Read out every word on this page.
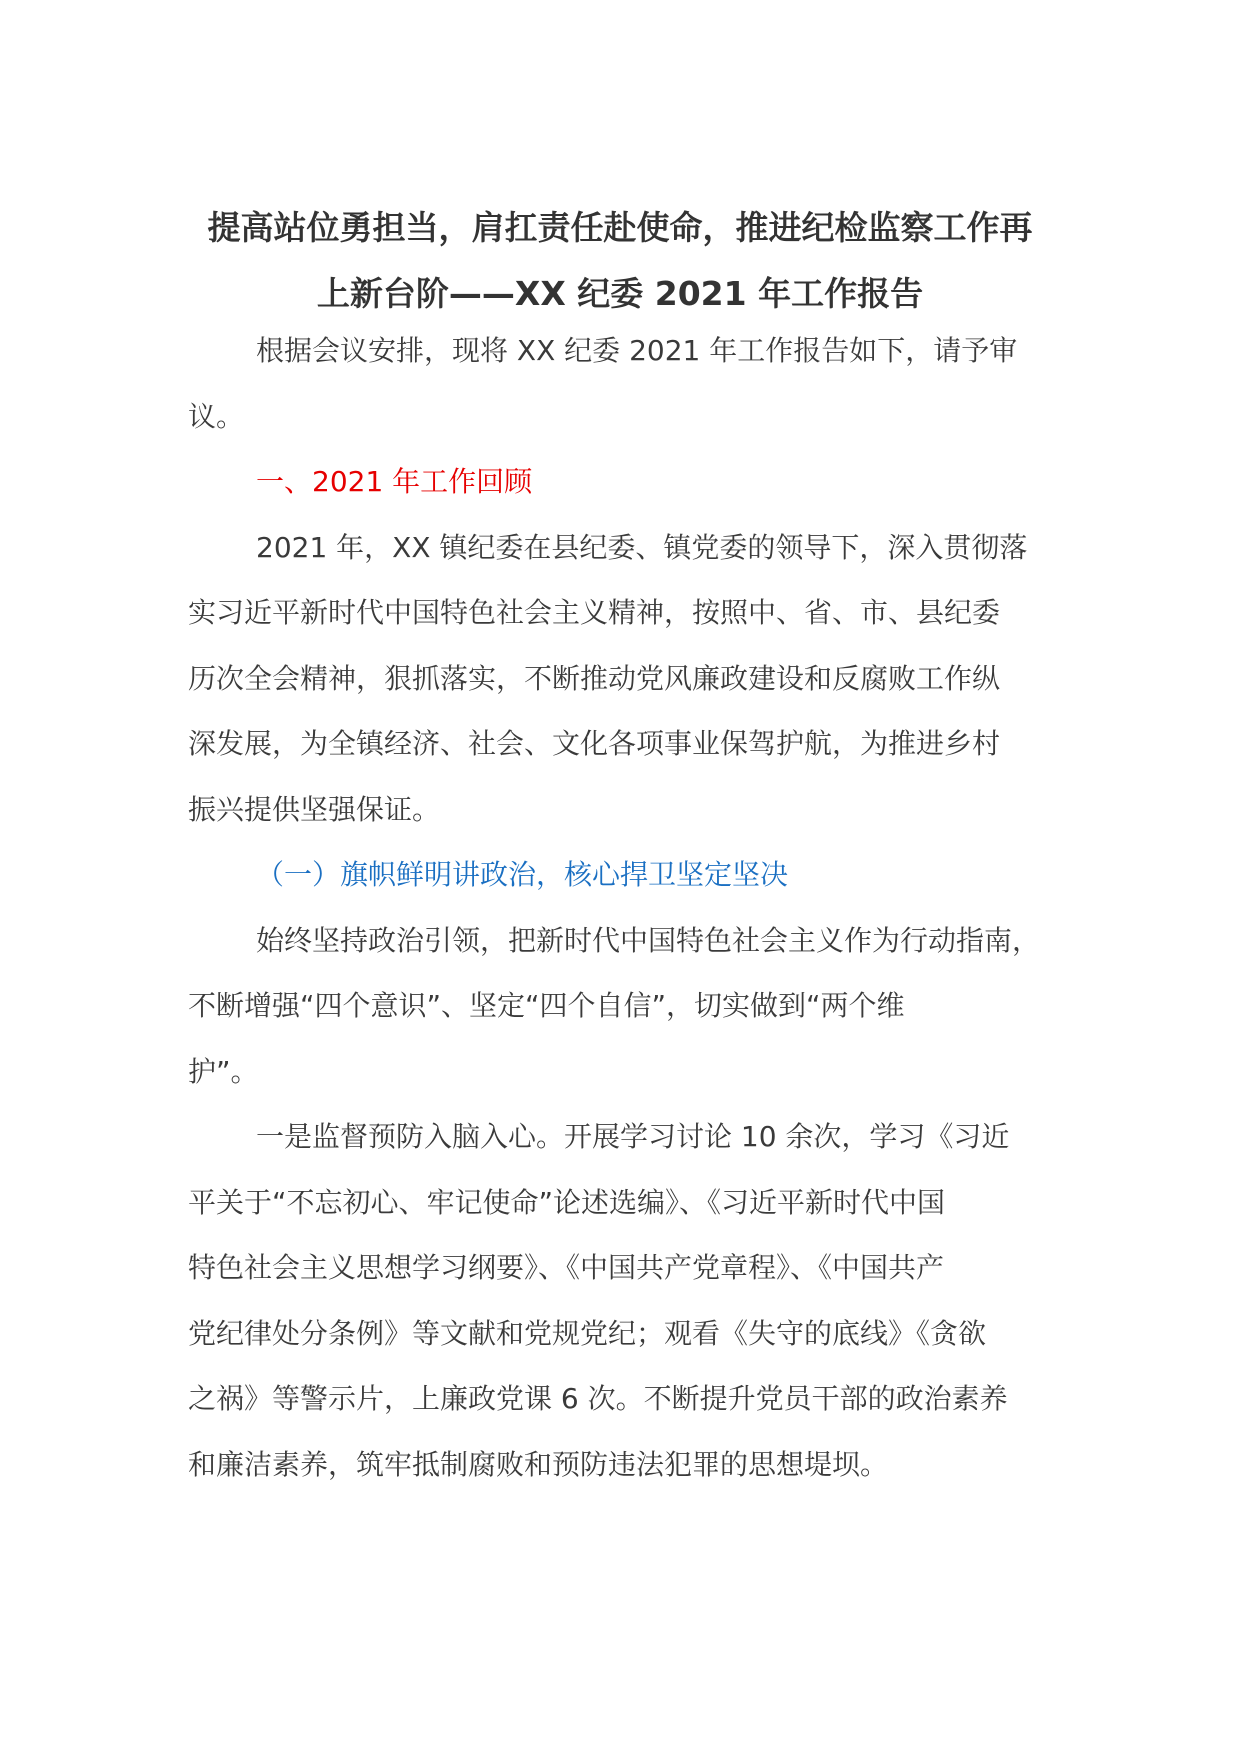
提高站位勇担当，肩扛责任赴使命，推进纪检监察工作再
上新台阶——XX 纪委 2021 年工作报告
根据会议安排，现将 XX 纪委 2021 年工作报告如下，请予审
议。
一、2021 年工作回顾
2021 年，XX 镇纪委在县纪委、镇党委的领导下，深入贯彻落
实习近平新时代中国特色社会主义精神，按照中、省、市、县纪委
历次全会精神，狠抓落实，不断推动党风廉政建设和反腐败工作纵
深发展，为全镇经济、社会、文化各项事业保驾护航，为推进乡村
振兴提供坚强保证。
（一）旗帜鲜明讲政治，核心捍卫坚定坚决
始终坚持政治引领，把新时代中国特色社会主义作为行动指南，
不断增强“四个意识”、坚定“四个自信”，切实做到“两个维
护”。
一是监督预防入脑入心。开展学习讨论 10 余次，学习《习近
平关于“不忘初心、牢记使命”论述选编》、《习近平新时代中国
特色社会主义思想学习纲要》、《中国共产党章程》、《中国共产
党纪律处分条例》等文献和党规党纪；观看《失守的底线》《贪欲
之祸》等警示片，上廉政党课 6 次。不断提升党员干部的政治素养
和廉洁素养，筑牢抵制腐败和预防违法犯罪的思想堤坝。
